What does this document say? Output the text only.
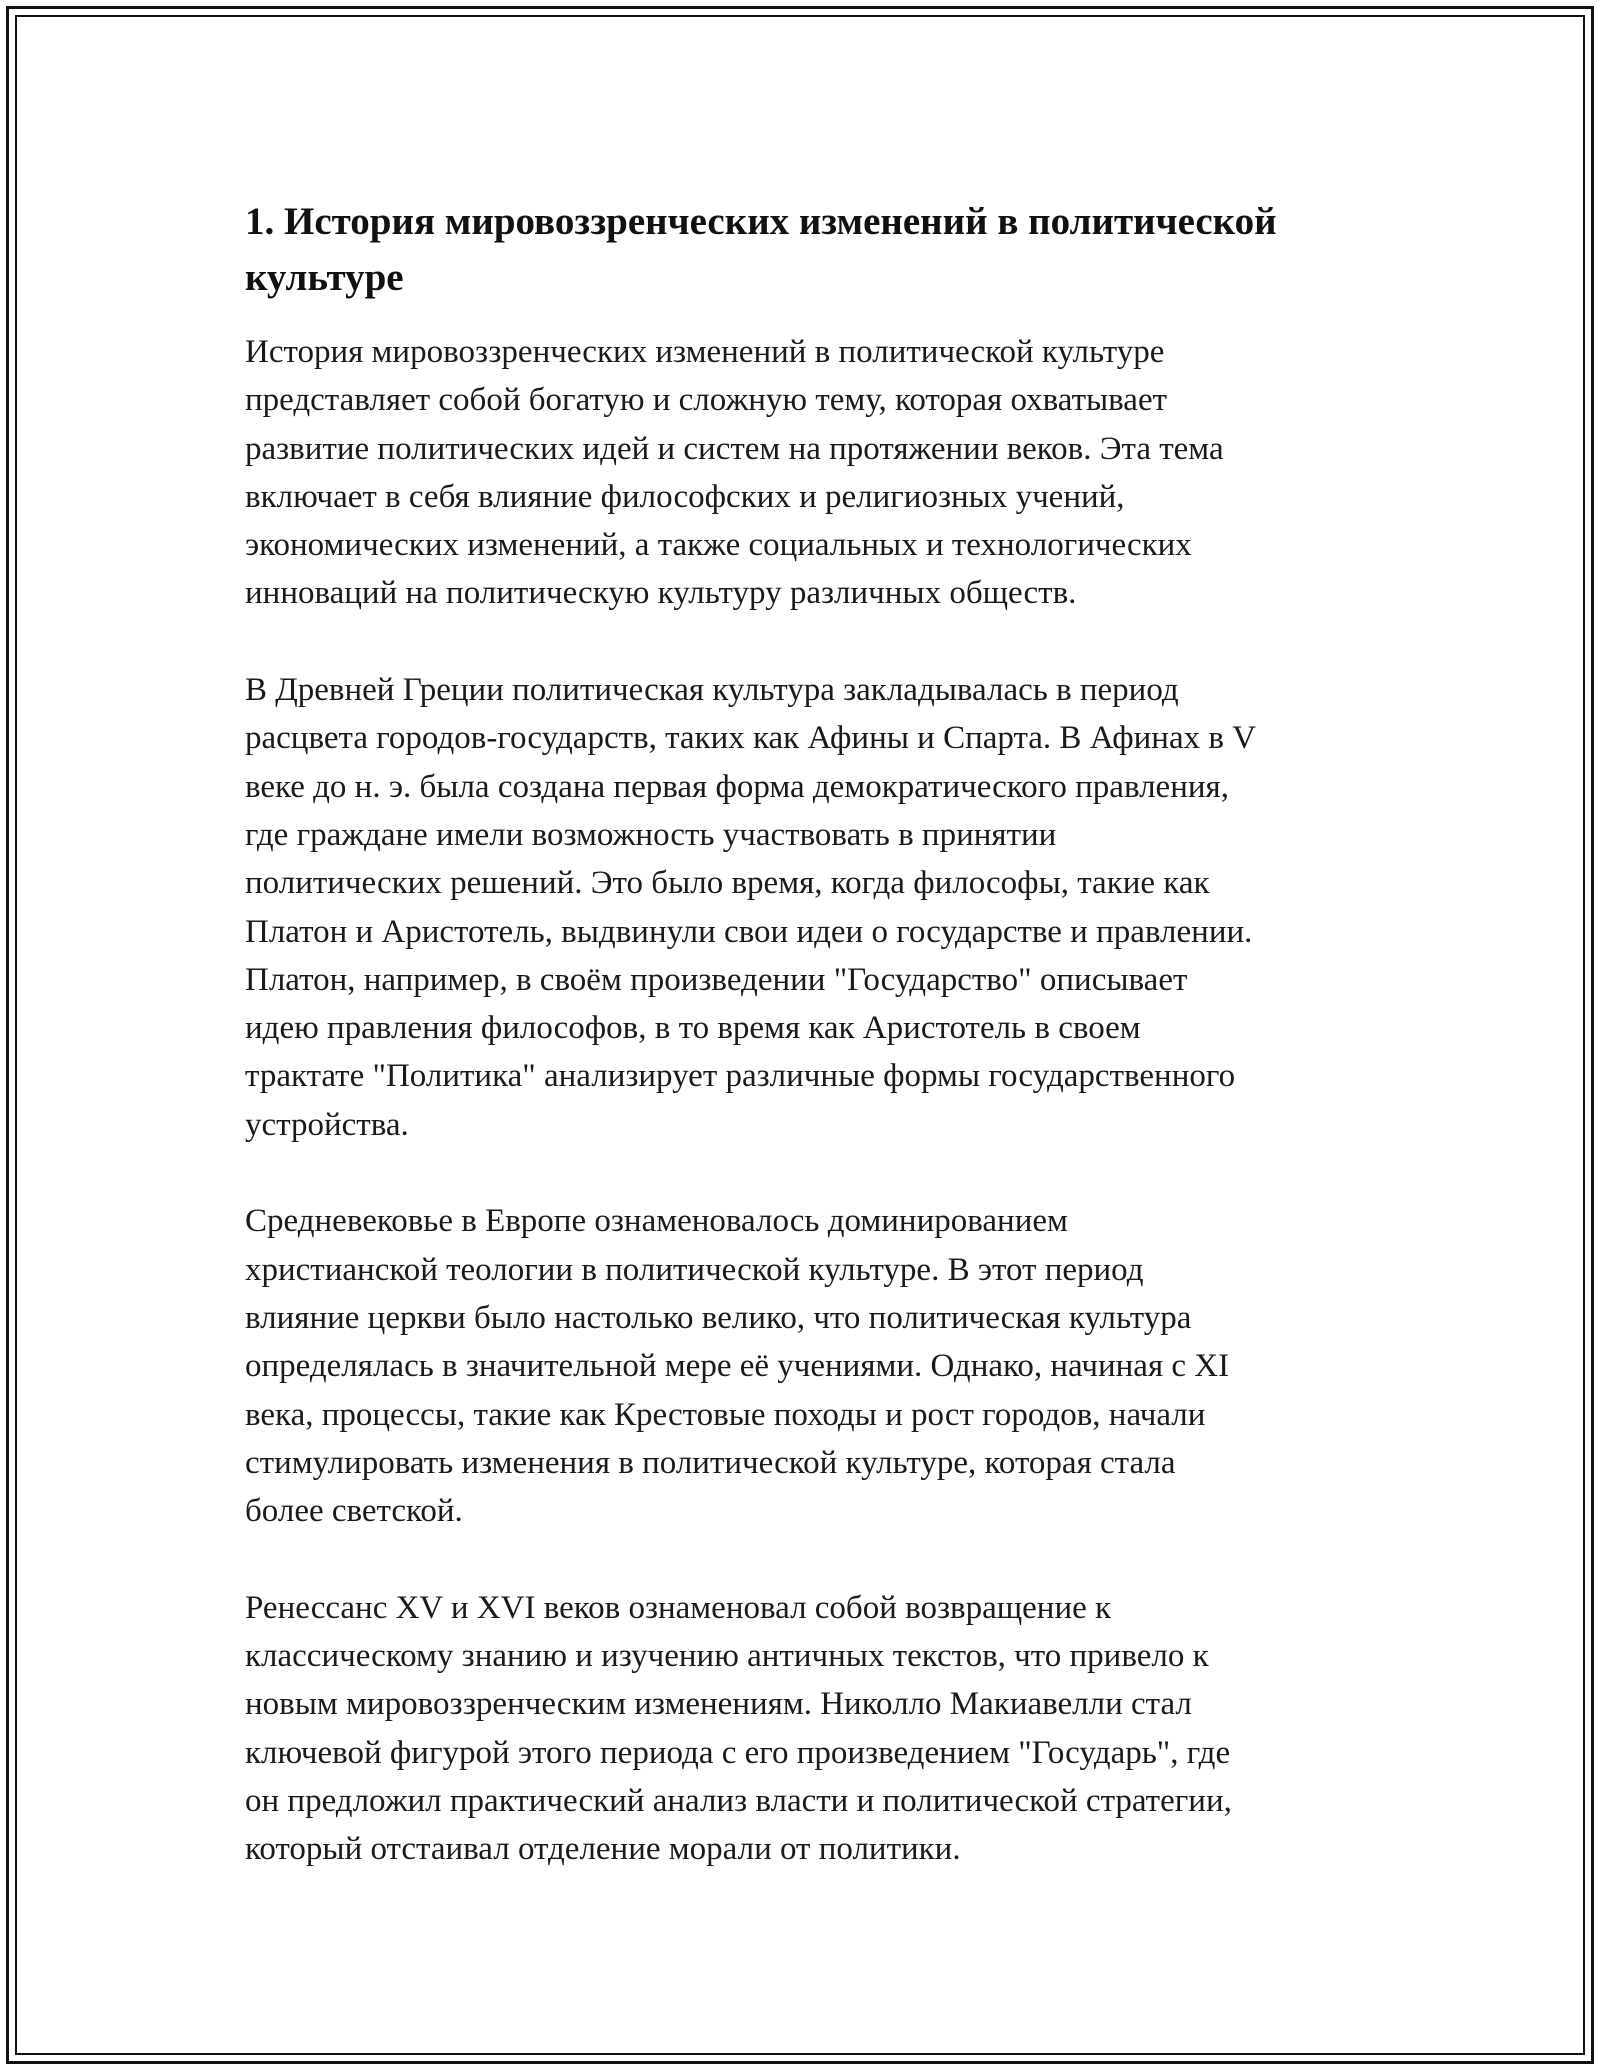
1. История мировоззренческих изменений в политической
культуре

История мировоззренческих изменений в политической культуре
представляет собой богатую и сложную тему, которая охватывает
развитие политических идей и систем на протяжении веков. Эта тема
включает в себя влияние философских и религиозных учений,
экономических изменений, а также социальных и технологических
инноваций на политическую культуру различных обществ.

В Древней Греции политическая культура закладывалась в период
расцвета городов-государств, таких как Афины и Спарта. В Афинах в V
веке до н. э. была создана первая форма демократического правления,
где граждане имели возможность участвовать в принятии
политических решений. Это было время, когда философы, такие как
Платон и Аристотель, выдвинули свои идеи о государстве и правлении.
Платон, например, в своём произведении "Государство" описывает
идею правления философов, в то время как Аристотель в своем
трактате "Политика" анализирует различные формы государственного
устройства.

Средневековье в Европе ознаменовалось доминированием
христианской теологии в политической культуре. В этот период
влияние церкви было настолько велико, что политическая культура
определялась в значительной мере её учениями. Однако, начиная с XI
века, процессы, такие как Крестовые походы и рост городов, начали
стимулировать изменения в политической культуре, которая стала
более светской.

Ренессанс XV и XVI веков ознаменовал собой возвращение к
классическому знанию и изучению античных текстов, что привело к
новым мировоззренческим изменениям. Николло Макиавелли стал
ключевой фигурой этого периода с его произведением "Государь", где
он предложил практический анализ власти и политической стратегии,
который отстаивал отделение морали от политики.
